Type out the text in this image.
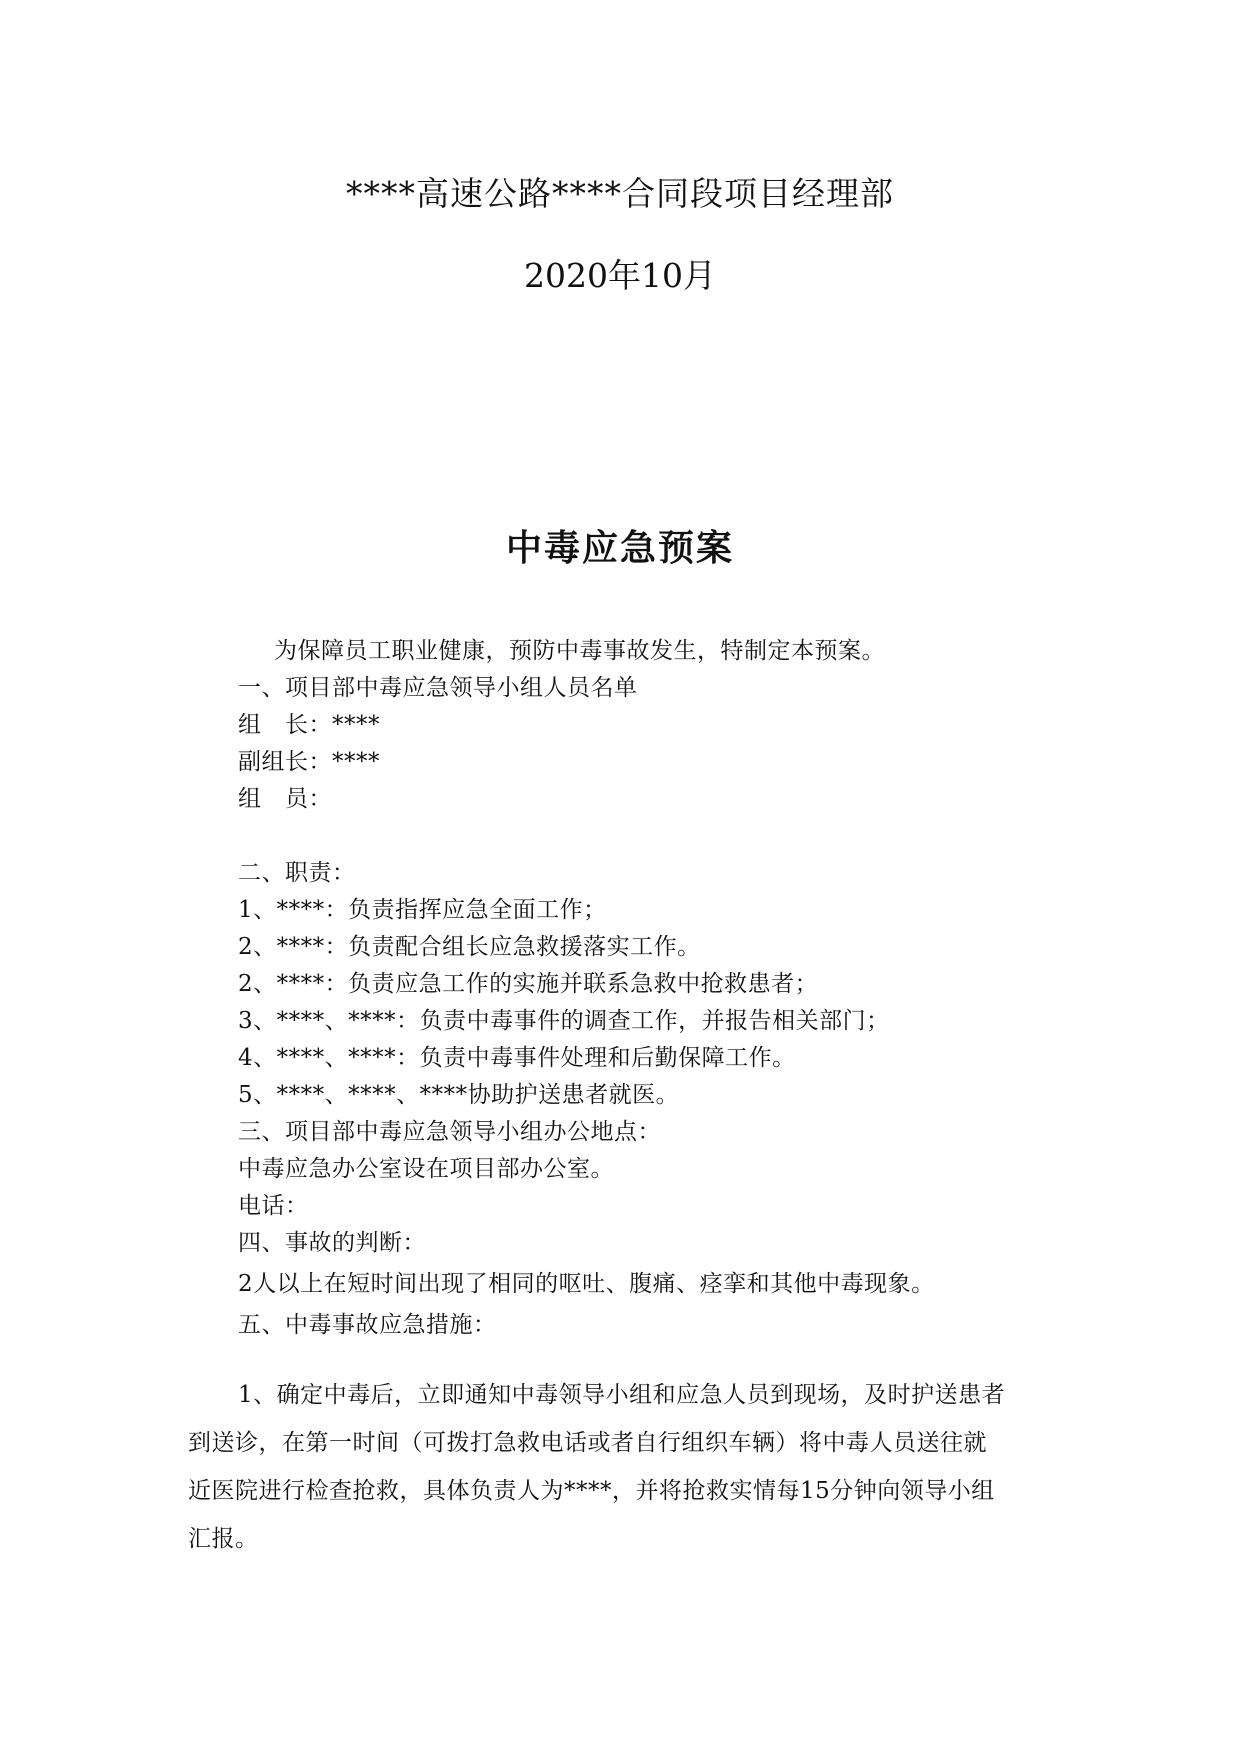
****高速公路****合同段项目经理部
2020年10月
中毒应急预案
为保障员工职业健康，预防中毒事故发生，特制定本预案。
一、项目部中毒应急领导小组人员名单
组　长：****
副组长：****
组　员：
二、职责：
1、****：负责指挥应急全面工作；
2、****：负责配合组长应急救援落实工作。
2、****：负责应急工作的实施并联系急救中抢救患者；
3、****、****：负责中毒事件的调查工作，并报告相关部门；
4、****、****：负责中毒事件处理和后勤保障工作。
5、****、****、****协助护送患者就医。
三、项目部中毒应急领导小组办公地点：
中毒应急办公室设在项目部办公室。
电话：
四、事故的判断：
2人以上在短时间出现了相同的呕吐、腹痛、痉挛和其他中毒现象。
五、中毒事故应急措施：
1、确定中毒后，立即通知中毒领导小组和应急人员到现场，及时护送患者
到送诊，在第一时间（可拨打急救电话或者自行组织车辆）将中毒人员送往就
近医院进行检查抢救，具体负责人为****，并将抢救实情每15分钟向领导小组
汇报。
